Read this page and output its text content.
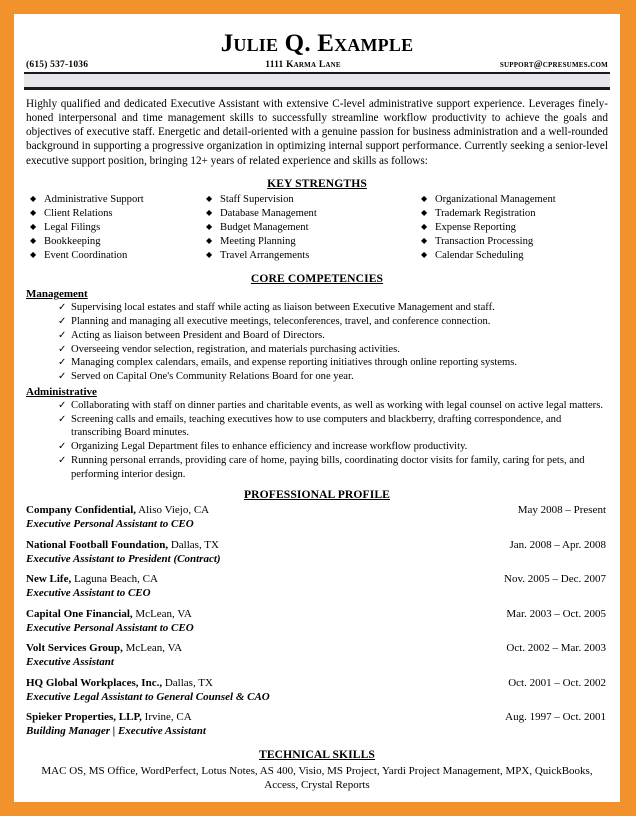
Julie Q. Example
(615) 537-1036	1111 Karma Lane	support@cpresumes.com
Highly qualified and dedicated Executive Assistant with extensive C-level administrative support experience. Leverages finely-honed interpersonal and time management skills to successfully streamline workflow productivity to achieve the goals and objectives of executive staff. Energetic and detail-oriented with a genuine passion for business administration and a well-rounded background in supporting a progressive organization in optimizing internal support performance. Currently seeking a senior-level executive support position, bringing 12+ years of related experience and skills as follows:
KEY STRENGTHS
◆ Administrative Support
◆ Client Relations
◆ Legal Filings
◆ Bookkeeping
◆ Event Coordination
◆ Staff Supervision
◆ Database Management
◆ Budget Management
◆ Meeting Planning
◆ Travel Arrangements
◆ Organizational Management
◆ Trademark Registration
◆ Expense Reporting
◆ Transaction Processing
◆ Calendar Scheduling
CORE COMPETENCIES
Management
✓ Supervising local estates and staff while acting as liaison between Executive Management and staff.
✓ Planning and managing all executive meetings, teleconferences, travel, and conference connection.
✓ Acting as liaison between President and Board of Directors.
✓ Overseeing vendor selection, registration, and materials purchasing activities.
✓ Managing complex calendars, emails, and expense reporting initiatives through online reporting systems.
✓ Served on Capital One's Community Relations Board for one year.
Administrative
✓ Collaborating with staff on dinner parties and charitable events, as well as working with legal counsel on active legal matters.
✓ Screening calls and emails, teaching executives how to use computers and blackberry, drafting correspondence, and transcribing Board minutes.
✓ Organizing Legal Department files to enhance efficiency and increase workflow productivity.
✓ Running personal errands, providing care of home, paying bills, coordinating doctor visits for family, caring for pets, and performing interior design.
PROFESSIONAL PROFILE
Company Confidential, Aliso Viejo, CA	May 2008 – Present
Executive Personal Assistant to CEO
National Football Foundation, Dallas, TX	Jan. 2008 – Apr. 2008
Executive Assistant to President (Contract)
New Life, Laguna Beach, CA	Nov. 2005 – Dec. 2007
Executive Assistant to CEO
Capital One Financial, McLean, VA	Mar. 2003 – Oct. 2005
Executive Personal Assistant to CEO
Volt Services Group, McLean, VA	Oct. 2002 – Mar. 2003
Executive Assistant
HQ Global Workplaces, Inc., Dallas, TX	Oct. 2001 – Oct. 2002
Executive Legal Assistant to General Counsel & CAO
Spieker Properties, LLP, Irvine, CA	Aug. 1997 – Oct. 2001
Building Manager | Executive Assistant
TECHNICAL SKILLS
MAC OS, MS Office, WordPerfect, Lotus Notes, AS 400, Visio, MS Project, Yardi Project Management, MPX, QuickBooks, Access, Crystal Reports
